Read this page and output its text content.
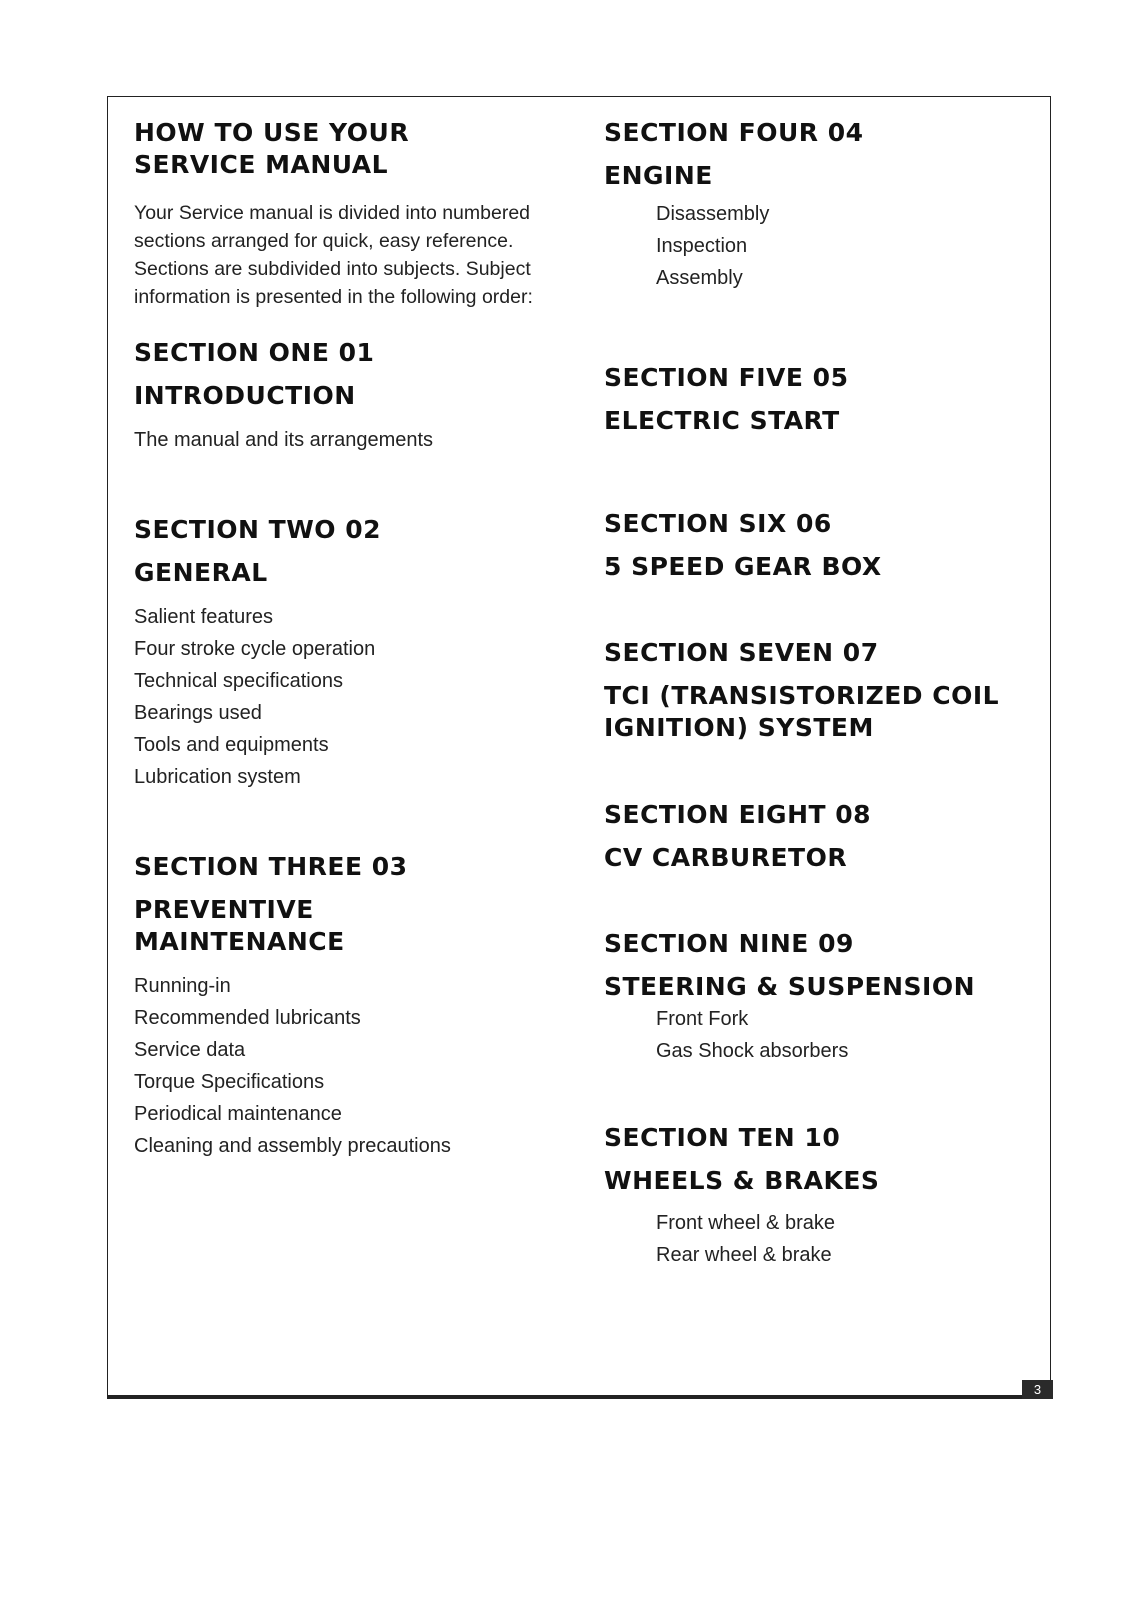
3
HOW TO USE YOUR
SERVICE MANUAL

Your Service manual is divided into numbered

sections arranged for quick, easy reference.

Sections are subdivided into subjects. Subject

information is presented in the following order:

SECTION ONE 01
INTRODUCTION
The manual and its arrangements
SECTION TWO 02
GENERAL
Salient features
Four stroke cycle operation
Technical specifications
Bearings used
Tools and equipments
Lubrication system
SECTION THREE 03
PREVENTIVE
MAINTENANCE
Running-in
Recommended lubricants
Service data
Torque Specifications
Periodical maintenance
Cleaning and assembly precautions
SECTION FOUR 04
ENGINE
Disassembly
Inspection
Assembly
SECTION FIVE 05
ELECTRIC START
SECTION SIX 06
5 SPEED GEAR BOX
SECTION SEVEN 07
TCI (TRANSISTORIZED COIL
IGNITION) SYSTEM
SECTION EIGHT 08
CV CARBURETOR
SECTION NINE 09
STEERING & SUSPENSION
Front Fork
Gas Shock absorbers
SECTION TEN 10
WHEELS & BRAKES
Front wheel & brake
Rear wheel & brake
